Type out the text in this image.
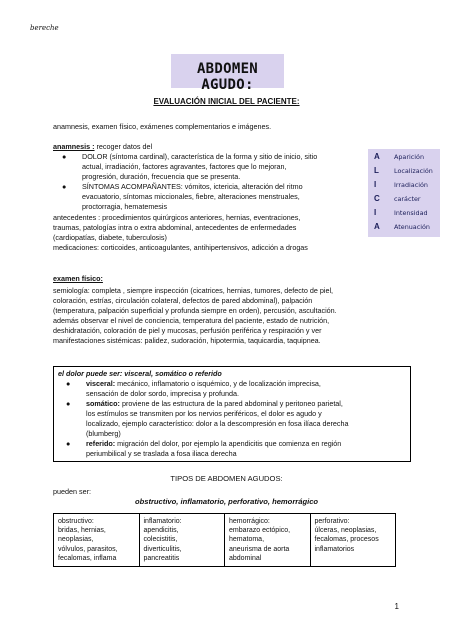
bereche
ABDOMEN AGUDO:
EVALUACIÓN INICIAL DEL PACIENTE:
anamnesis, examen físico, exámenes complementarios e imágenes.
anamnesis : recoger datos del
● DOLOR (síntoma cardinal), característica de la forma y sitio de inicio, sitio
actual, irradiación, factores agravantes, factores que lo mejoran,
progresión, duración, frecuencia que se presenta.
● SÍNTOMAS ACOMPAÑANTES: vómitos, ictericia, alteración del ritmo
evacuatorio, síntomas miccionales, fiebre, alteraciones menstruales,
proctorragia, hematemesis
antecedentes : procedimientos quirúrgicos anteriores, hernias, eventraciones,
traumas, patologías intra o extra abdominal, antecedentes de enfermedades
(cardiopatías, diabete, tuberculosis)
medicaciones: corticoides, anticoagulantes, antihipertensivos, adicción a drogas
A Aparición
L Localización
I	Irradiación
C carácter
I	Intensidad
A Atenuación
examen físico:
semiología: completa , siempre inspección (cicatrices, hernias, tumores, defecto de piel,
coloración, estrías, circulación colateral, defectos de pared abdominal), palpación
(temperatura, palpación superficial y profunda siempre en orden), percusión, ascultación.
además observar el nivel de conciencia, temperatura del paciente, estado de nutrición,
deshidratación, coloración de piel y mucosas, perfusión periférica y respiración y ver
manifestaciones sistémicas: palidez, sudoración, hipotermia, taquicardia, taquipnea.
el dolor puede ser: visceral, somático o referido
● visceral: mecánico, inflamatorio o isquémico, y de localización imprecisa,
sensación de dolor sordo, imprecisa y profunda.
● somático: proviene de las estructura de la pared abdominal y peritoneo parietal,
los estímulos se transmiten por los nervios periféricos, el dolor es agudo y
localizado, ejemplo característico: dolor a la descompresión en fosa ilíaca derecha
(blumberg)
● referido: migración del dolor, por ejemplo la apendicitis que comienza en región
periumbilical y se traslada a fosa iliaca derecha
TIPOS DE ABDOMEN AGUDOS:
pueden ser:
obstructivo, inflamatorio, perforativo, hemorrágico
obstructivo:
bridas, hernias,
neoplasias,
vólvulos, parasitos,
fecalomas, inflama

inflamatorio:
apendicitis,
colecistitis,
diverticulitis,
pancreatitis

hemorrágico:
embarazo ectópico,
hematoma,
aneurisma de aorta
abdominal

perforativo:
úlceras, neoplasias,
fecalomas, procesos
inflamatorios
1
